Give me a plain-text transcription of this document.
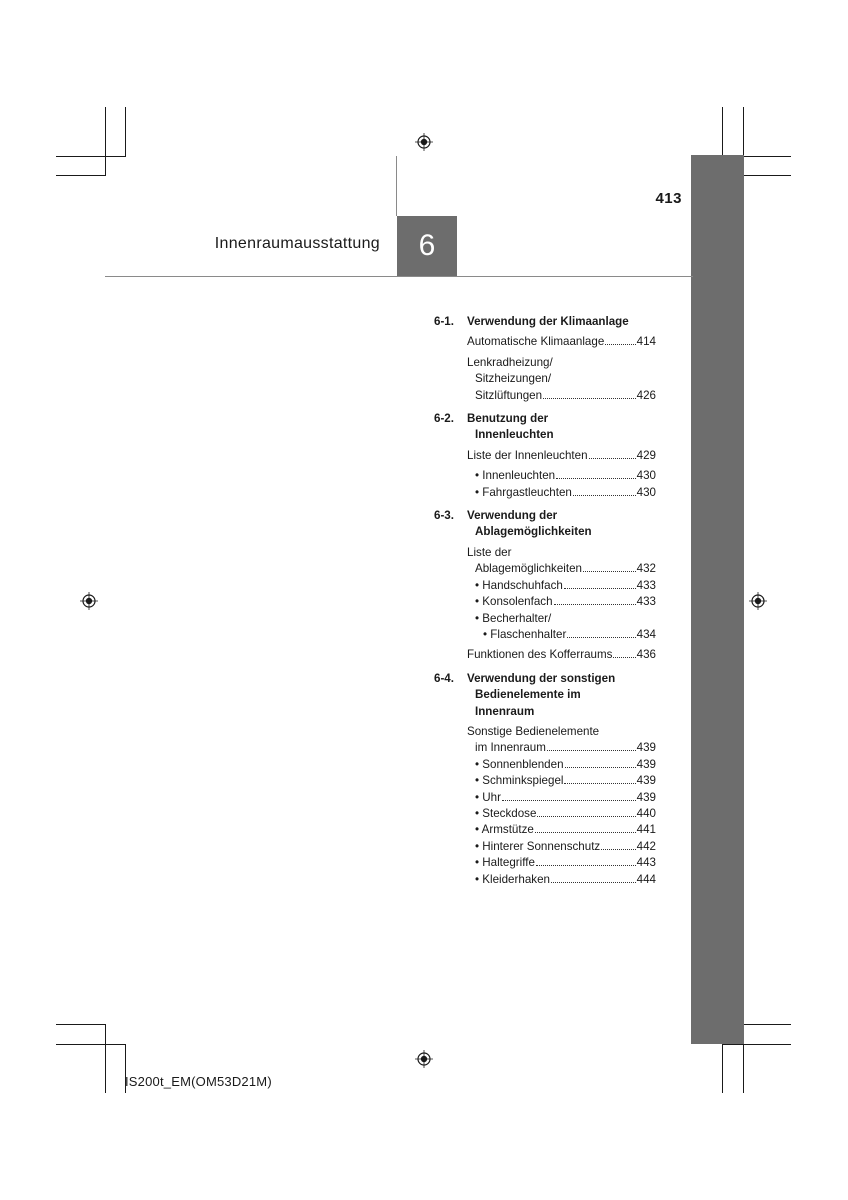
413
Innenraumausstattung 6
6-1.	Verwendung der Klimaanlage
Automatische Klimaanlage	414
Lenkradheizung/
Sitzheizungen/
Sitzlüftungen	426
6-2.	Benutzung der
Innenleuchten
Liste der Innenleuchten	429
• Innenleuchten	430
• Fahrgastleuchten	430
6-3.	Verwendung der
Ablagemöglichkeiten
Liste der
Ablagemöglichkeiten	432
• Handschuhfach	433
• Konsolenfach	433
• Becherhalter/
• Flaschenhalter	434
Funktionen des Kofferraums 436
6-4.	Verwendung der sonstigen
Bedienelemente im
Innenraum
Sonstige Bedienelemente
im Innenraum	439
• Sonnenblenden	439
• Schminkspiegel	439
• Uhr	439
• Steckdose	440
• Armstütze	441
• Hinterer Sonnenschutz	442
• Haltegriffe	443
• Kleiderhaken	444
IS200t_EM(OM53D21M)
